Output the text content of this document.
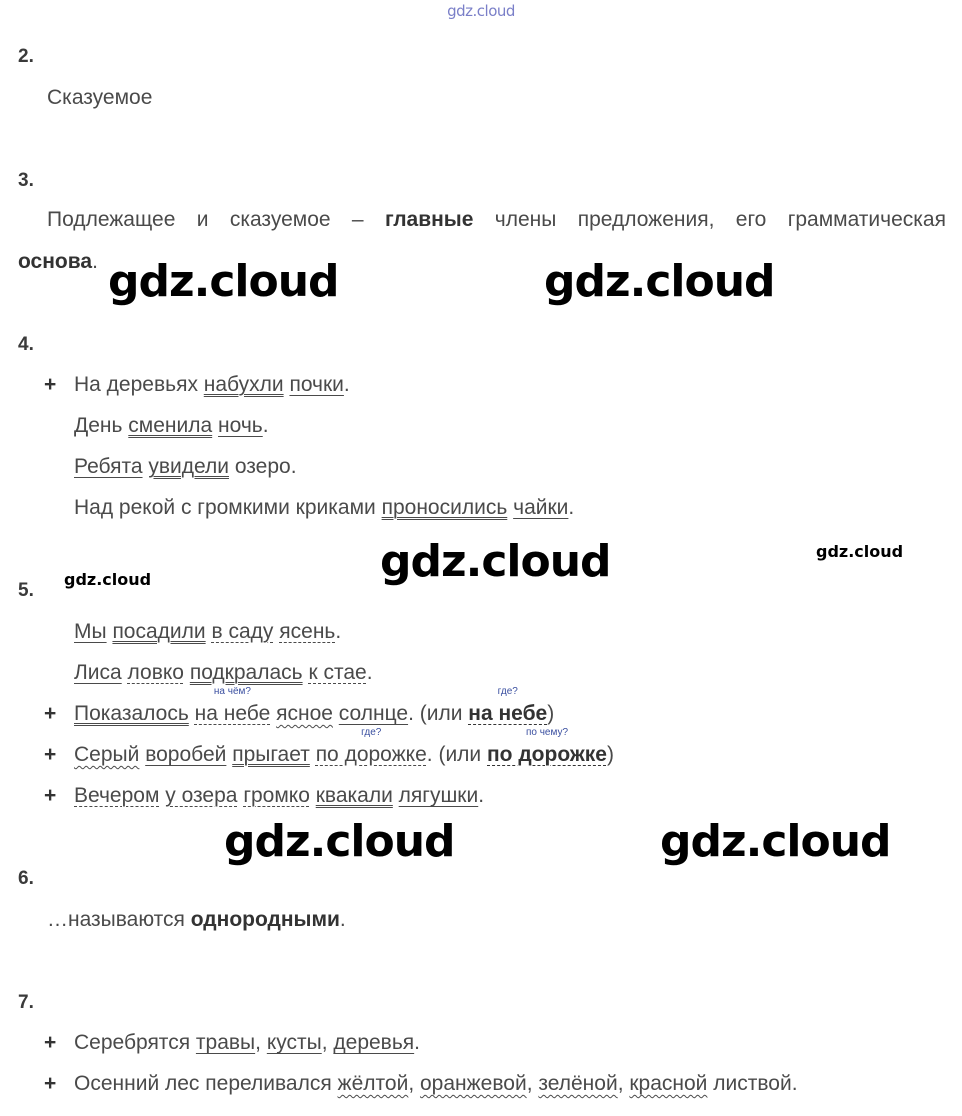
gdz.cloud
gdz.cloud	gdz.cloud
gdz.cloud	gdz.cloud
gdz.cloud
gdz.cloud	gdz.cloud
2.
Сказуемое
3.
Подлежащее и сказуемое – главные члены предложения, его грамматическая
основа.
4.
+ На деревьях набухли почки.
День сменила ночь.
Ребята увидели озеро.
Над рекой с громкими криками проносились чайки.
5.
Мы посадили в саду ясень.
Лиса ловко подкралась к стае.
+ Показалось
на чём?
на небе ясное солнце. (или
где?
на небе)
+ Серый воробей прыгает
где?
по дорожке. (или
по чему?
по дорожке)
+ Вечером у озера громко квакали лягушки.
6.
…называются однородными.
7.
+ Серебрятся травы, кусты, деревья.
+ Осенний лес переливался жёлтой, оранжевой, зелёной, красной листвой.
